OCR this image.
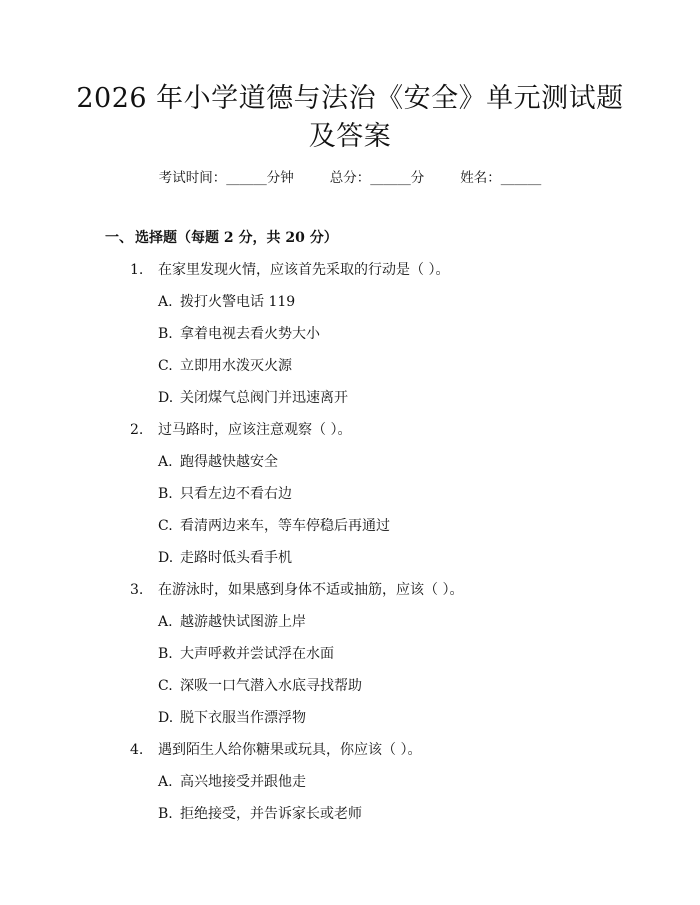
2026 年小学道德与法治《安全》单元测试题
及答案
考试时间：______分钟	总分：______分	姓名：______
一、 选择题（每题 2 分，共 20 分）
1. 在家里发现火情，应该首先采取的行动是（ ）。
A. 拨打火警电话 119
B. 拿着电视去看火势大小
C. 立即用水泼灭火源
D. 关闭煤气总阀门并迅速离开
2. 过马路时，应该注意观察（ ）。
A. 跑得越快越安全
B. 只看左边不看右边
C. 看清两边来车，等车停稳后再通过
D. 走路时低头看手机
3. 在游泳时，如果感到身体不适或抽筋，应该（ ）。
A. 越游越快试图游上岸
B. 大声呼救并尝试浮在水面
C. 深吸一口气潜入水底寻找帮助
D. 脱下衣服当作漂浮物
4. 遇到陌生人给你糖果或玩具，你应该（ ）。
A. 高兴地接受并跟他走
B. 拒绝接受，并告诉家长或老师
